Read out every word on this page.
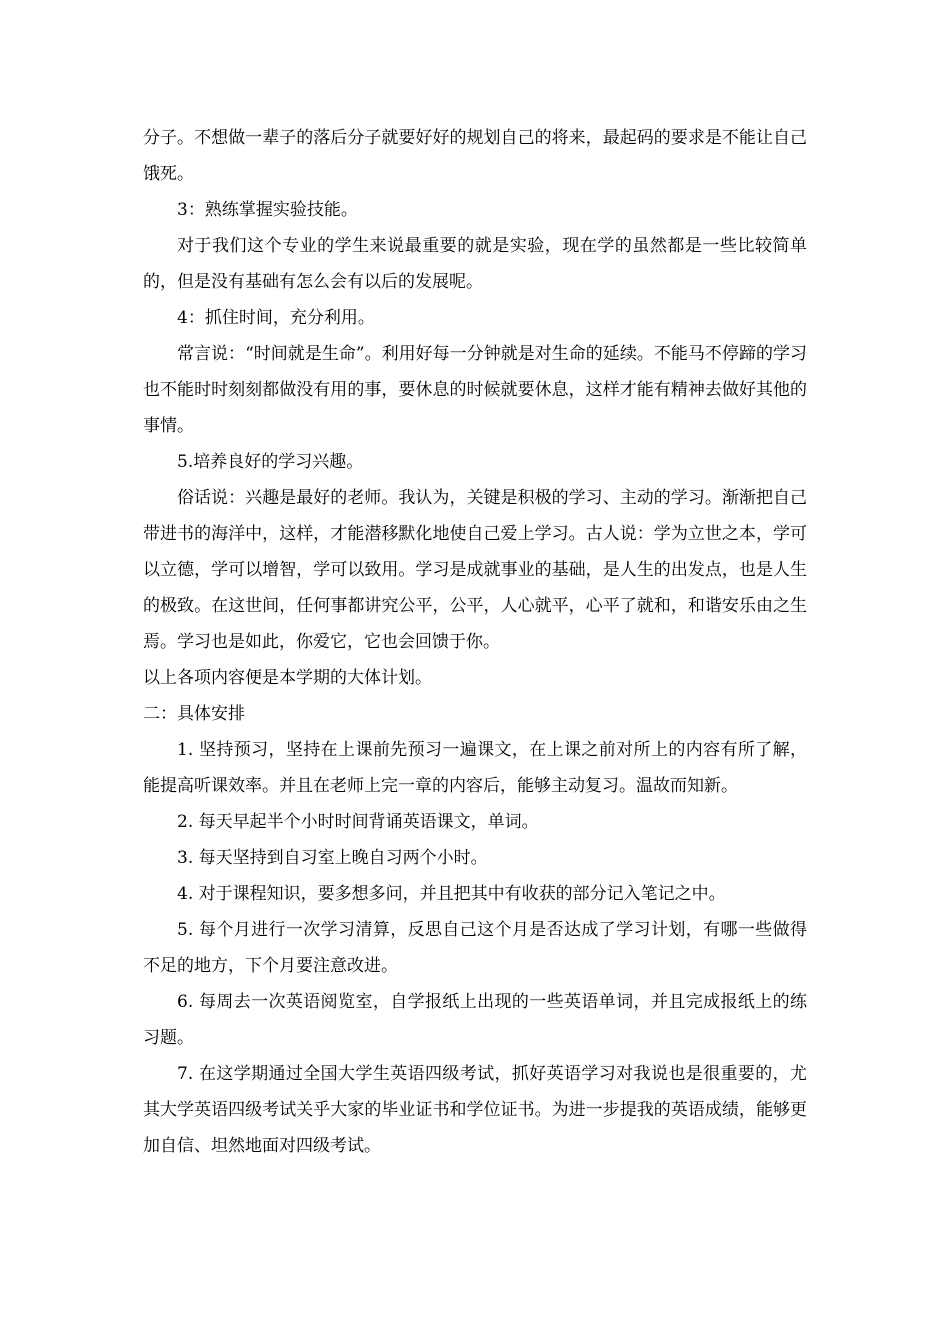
分子。不想做一辈子的落后分子就要好好的规划自己的将来，最起码的要求是不能让自己饿死。

3：熟练掌握实验技能。

对于我们这个专业的学生来说最重要的就是实验，现在学的虽然都是一些比较简单的，但是没有基础有怎么会有以后的发展呢。

4：抓住时间，充分利用。

常言说：“时间就是生命”。利用好每一分钟就是对生命的延续。不能马不停蹄的学习也不能时时刻刻都做没有用的事，要休息的时候就要休息，这样才能有精神去做好其他的 事情。

5.培养良好的学习兴趣。

俗话说：兴趣是最好的老师。我认为，关键是积极的学习、主动的学习。渐渐把自己带进书的海洋中，这样，才能潜移默化地使自己爱上学习。古人说：学为立世之本，学可以立德，学可以增智，学可以致用。学习是成就事业的基础，是人生的出发点，也是人生的极致。在这世间，任何事都讲究公平，公平，人心就平，心平了就和，和谐安乐由之生焉。学习也是如此，你爱它，它也会回馈于你。

以上各项内容便是本学期的大体计划。

二：具体安排

1. 坚持预习，坚持在上课前先预习一遍课文，在上课之前对所上的内容有所了解，能提高听课效率。并且在老师上完一章的内容后，能够主动复习。温故而知新。

2. 每天早起半个小时时间背诵英语课文，单词。

3. 每天坚持到自习室上晚自习两个小时。

4. 对于课程知识，要多想多问，并且把其中有收获的部分记入笔记之中。

5. 每个月进行一次学习清算，反思自己这个月是否达成了学习计划，有哪一些做得不足的地方，下个月要注意改进。

6. 每周去一次英语阅览室，自学报纸上出现的一些英语单词，并且完成报纸上的练习题。

7. 在这学期通过全国大学生英语四级考试，抓好英语学习对我说也是很重要的，尤其大学英语四级考试关乎大家的毕业证书和学位证书。为进一步提我的英语成绩，能够更加自信、坦然地面对四级考试。
